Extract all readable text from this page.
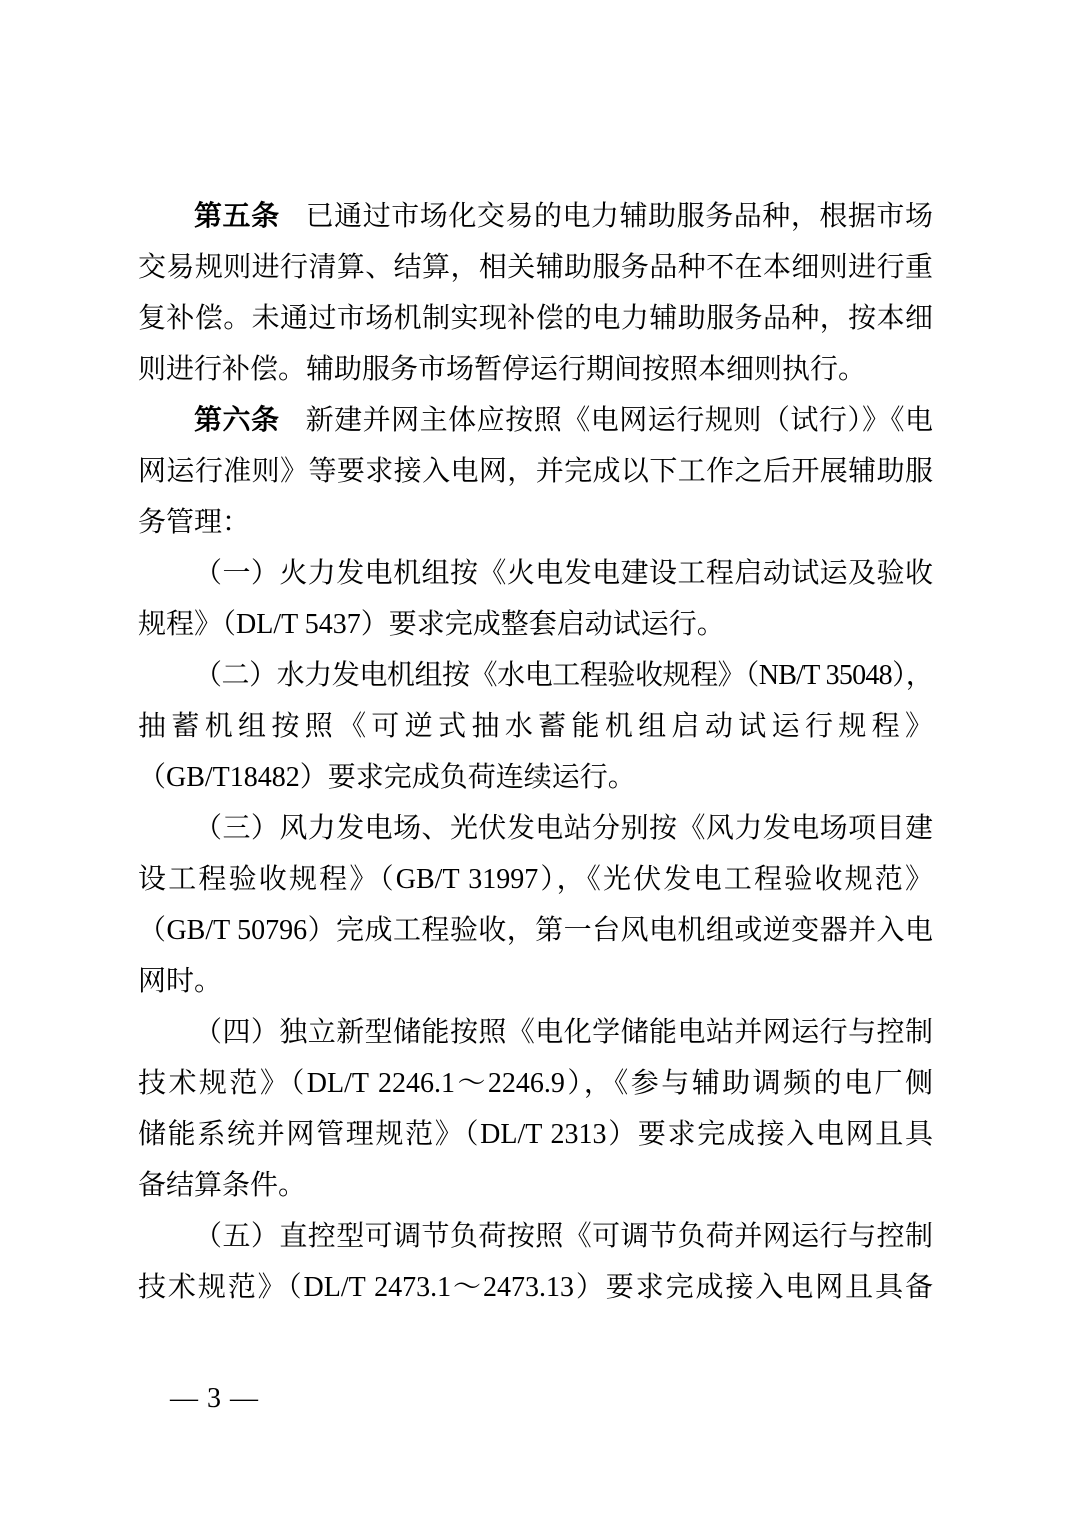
第五条 已通过市场化交易的电力辅助服务品种，根据市场
交易规则进行清算、结算，相关辅助服务品种不在本细则进行重
复补偿。未通过市场机制实现补偿的电力辅助服务品种，按本细
则进行补偿。辅助服务市场暂停运行期间按照本细则执行。
第六条 新建并网主体应按照《电网运行规则（试行）》《电
网运行准则》等要求接入电网，并完成以下工作之后开展辅助服
务管理：
（一）火力发电机组按《火电发电建设工程启动试运及验收
规程》（DL/T 5437）要求完成整套启动试运行。
（二）水力发电机组按《水电工程验收规程》（NB/T 35048），
抽蓄机组按照《可逆式抽水蓄能机组启动试运行规程》
（GB/T18482）要求完成负荷连续运行。
（三）风力发电场、光伏发电站分别按《风力发电场项目建
设工程验收规程》（GB/T 31997），《光伏发电工程验收规范》
（GB/T 50796）完成工程验收，第一台风电机组或逆变器并入电
网时。
（四）独立新型储能按照《电化学储能电站并网运行与控制
技术规范》（DL/T 2246.1～2246.9），《参与辅助调频的电厂侧
储能系统并网管理规范》（DL/T 2313）要求完成接入电网且具
备结算条件。
（五）直控型可调节负荷按照《可调节负荷并网运行与控制
技术规范》（DL/T 2473.1～2473.13）要求完成接入电网且具备
— 3 —
